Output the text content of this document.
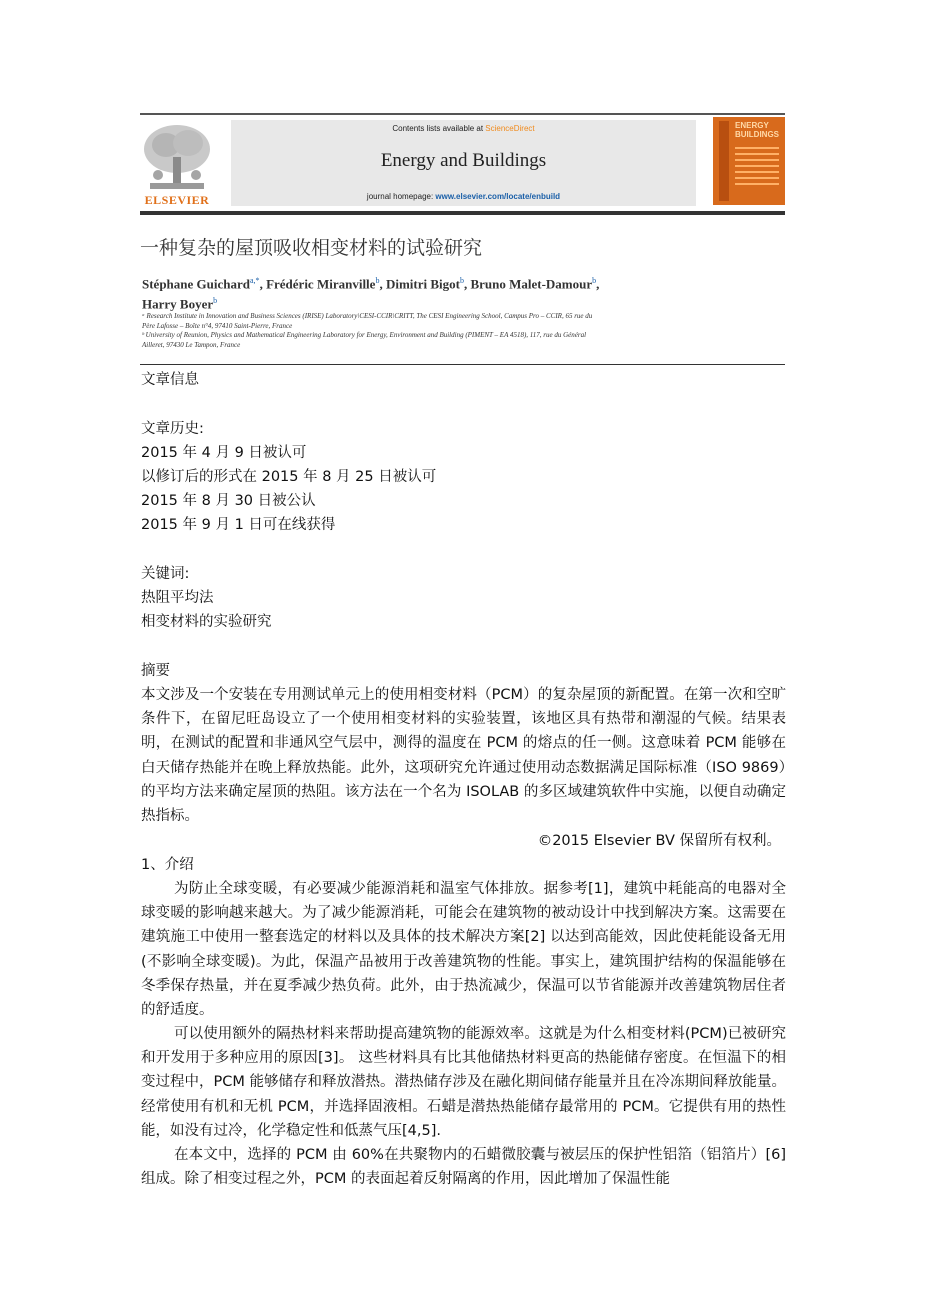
ELSEVIER
Contents lists available at ScienceDirect
Energy and Buildings
journal homepage: www.elsevier.com/locate/enbuild
ENERGY
BUILDINGS
一种复杂的屋顶吸收相变材料的试验研究
Stéphane Guichard$^{a,*}$, Frédéric Miranville$^b$, Dimitri Bigot$^b$, Bruno Malet-Damour$^b$,
Harry Boyer$^b$
ᵃ Research Institute in Innovation and Business Sciences (IRISE) Laboratory\CESI-CCIR\CRITT, The CESI Engineering School, Campus Pro – CCIR, 65 rue du
Père Lafosse – Boîte n°4, 97410 Saint-Pierre, France
ᵇ University of Reunion, Physics and Mathematical Engineering Laboratory for Energy, Environment and Building (PIMENT – EA 4518), 117, rue du Général
Ailleret, 97430 Le Tampon, France
文章信息
文章历史:
2015 年 4 月 9 日被认可
以修订后的形式在 2015 年 8 月 25 日被认可
2015 年 8 月 30 日被公认
2015 年 9 月 1 日可在线获得
关键词:
热阻平均法
相变材料的实验研究
摘要
本文涉及一个安装在专用测试单元上的使用相变材料（PCM）的复杂屋顶的新配置。在第一次和空旷条件下，在留尼旺岛设立了一个使用相变材料的实验装置，该地区具有热带和潮湿的气候。结果表明，在测试的配置和非通风空气层中，测得的温度在 PCM 的熔点的任一侧。这意味着 PCM 能够在白天储存热能并在晚上释放热能。此外，这项研究允许通过使用动态数据满足国际标准（ISO 9869）的平均方法来确定屋顶的热阻。该方法在一个名为 ISOLAB 的多区域建筑软件中实施，以便自动确定热指标。
©2015 Elsevier BV 保留所有权利。
1、介绍
为防止全球变暖，有必要减少能源消耗和温室气体排放。据参考[1]，建筑中耗能高的电器对全球变暖的影响越来越大。为了减少能源消耗，可能会在建筑物的被动设计中找到解决方案。这需要在建筑施工中使用一整套选定的材料以及具体的技术解决方案[2] 以达到高能效，因此使耗能设备无用(不影响全球变暖)。为此，保温产品被用于改善建筑物的性能。事实上，建筑围护结构的保温能够在冬季保存热量，并在夏季减少热负荷。此外，由于热流减少，保温可以节省能源并改善建筑物居住者的舒适度。
可以使用额外的隔热材料来帮助提高建筑物的能源效率。这就是为什么相变材料(PCM)已被研究和开发用于多种应用的原因[3]。 这些材料具有比其他储热材料更高的热能储存密度。在恒温下的相变过程中，PCM 能够储存和释放潜热。潜热储存涉及在融化期间储存能量并且在冷冻期间释放能量。经常使用有机和无机 PCM，并选择固液相。石蜡是潜热热能储存最常用的 PCM。它提供有用的热性能，如没有过冷，化学稳定性和低蒸气压[4,5].
在本文中，选择的 PCM 由 60%在共聚物内的石蜡微胶囊与被层压的保护性铝箔（铝箔片）[6]组成。除了相变过程之外，PCM 的表面起着反射隔离的作用，因此增加了保温性能
